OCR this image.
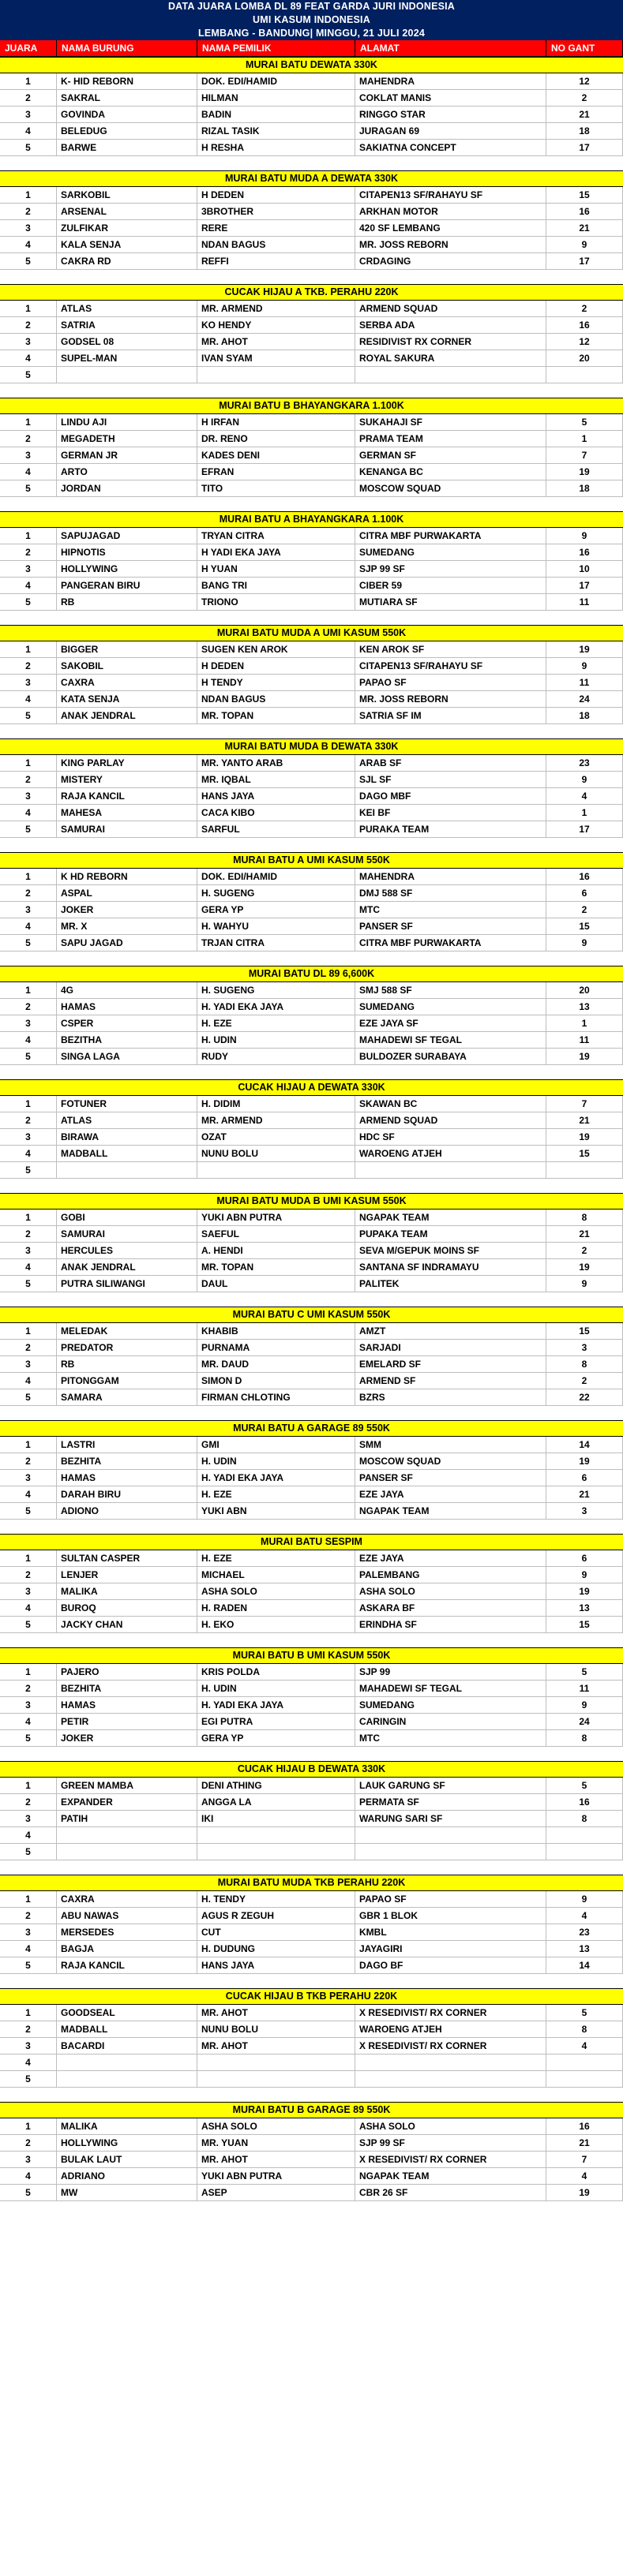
DATA JUARA LOMBA DL 89 FEAT GARDA JURI INDONESIA
UMI KASUM INDONESIA
LEMBANG - BANDUNG| MINGGU, 21 JULI 2024
JUARA	NAMA BURUNG	NAMA PEMILIK	ALAMAT	NO GANT
MURAI BATU DEWATA 330K
1	K- HID REBORN	DOK. EDI/HAMID	MAHENDRA	12
2	SAKRAL	HILMAN	COKLAT MANIS	2
3	GOVINDA	BADIN	RINGGO STAR	21
4	BELEDUG	RIZAL TASIK	JURAGAN 69	18
5	BARWE	H RESHA	SAKIATNA CONCEPT	17
MURAI BATU MUDA A DEWATA 330K
1	SARKOBIL	H DEDEN	CITAPEN13 SF/RAHAYU SF	15
2	ARSENAL	3BROTHER	ARKHAN MOTOR	16
3	ZULFIKAR	RERE	420 SF LEMBANG	21
4	KALA SENJA	NDAN BAGUS	MR. JOSS REBORN	9
5	CAKRA RD	REFFI	CRDAGING	17
CUCAK HIJAU A TKB. PERAHU 220K
1	ATLAS	MR. ARMEND	ARMEND SQUAD	2
2	SATRIA	KO HENDY	SERBA ADA	16
3	GODSEL 08	MR. AHOT	RESIDIVIST RX CORNER	12
4	SUPEL-MAN	IVAN SYAM	ROYAL SAKURA	20
5
MURAI BATU B BHAYANGKARA 1.100K
1	LINDU AJI	H IRFAN	SUKAHAJI SF	5
2	MEGADETH	DR. RENO	PRAMA TEAM	1
3	GERMAN JR	KADES DENI	GERMAN SF	7
4	ARTO	EFRAN	KENANGA BC	19
5	JORDAN	TITO	MOSCOW SQUAD	18
MURAI BATU A BHAYANGKARA 1.100K
1	SAPUJAGAD	TRYAN CITRA	CITRA MBF PURWAKARTA	9
2	HIPNOTIS	H YADI EKA JAYA	SUMEDANG	16
3	HOLLYWING	H YUAN	SJP 99 SF	10
4	PANGERAN BIRU	BANG TRI	CIBER 59	17
5	RB	TRIONO	MUTIARA SF	11
MURAI BATU MUDA A UMI KASUM 550K
1	BIGGER	SUGEN KEN AROK	KEN AROK SF	19
2	SAKOBIL	H DEDEN	CITAPEN13 SF/RAHAYU SF	9
3	CAXRA	H TENDY	PAPAO SF	11
4	KATA SENJA	NDAN BAGUS	MR. JOSS REBORN	24
5	ANAK JENDRAL	MR. TOPAN	SATRIA SF IM	18
MURAI BATU MUDA B DEWATA 330K
1	KING PARLAY	MR. YANTO ARAB	ARAB SF	23
2	MISTERY	MR. IQBAL	SJL SF	9
3	RAJA KANCIL	HANS JAYA	DAGO MBF	4
4	MAHESA	CACA KIBO	KEI BF	1
5	SAMURAI	SARFUL	PURAKA TEAM	17
MURAI BATU A UMI KASUM 550K
1	K HD REBORN	DOK. EDI/HAMID	MAHENDRA	16
2	ASPAL	H. SUGENG	DMJ 588 SF	6
3	JOKER	GERA YP	MTC	2
4	MR. X	H. WAHYU	PANSER SF	15
5	SAPU JAGAD	TRJAN CITRA	CITRA MBF PURWAKARTA	9
MURAI BATU DL 89 6,600K
1	4G	H. SUGENG	SMJ 588 SF	20
2	HAMAS	H. YADI EKA JAYA	SUMEDANG	13
3	CSPER	H. EZE	EZE JAYA SF	1
4	BEZITHA	H. UDIN	MAHADEWI SF TEGAL	11
5	SINGA LAGA	RUDY	BULDOZER SURABAYA	19
CUCAK HIJAU A DEWATA 330K
1	FOTUNER	H. DIDIM	SKAWAN BC	7
2	ATLAS	MR. ARMEND	ARMEND SQUAD	21
3	BIRAWA	OZAT	HDC SF	19
4	MADBALL	NUNU BOLU	WAROENG ATJEH	15
5
MURAI BATU MUDA B UMI KASUM 550K
1	GOBI	YUKI ABN PUTRA	NGAPAK TEAM	8
2	SAMURAI	SAEFUL	PUPAKA TEAM	21
3	HERCULES	A. HENDI	SEVA M/GEPUK MOINS SF	2
4	ANAK JENDRAL	MR. TOPAN	SANTANA SF INDRAMAYU	19
5	PUTRA SILIWANGI	DAUL	PALITEK	9
MURAI BATU C UMI KASUM 550K
1	MELEDAK	KHABIB	AMZT	15
2	PREDATOR	PURNAMA	SARJADI	3
3	RB	MR. DAUD	EMELARD SF	8
4	PITONGGAM	SIMON D	ARMEND SF	2
5	SAMARA	FIRMAN CHLOTING	BZRS	22
MURAI BATU A GARAGE 89 550K
1	LASTRI	GMI	SMM	14
2	BEZHITA	H. UDIN	MOSCOW SQUAD	19
3	HAMAS	H. YADI EKA JAYA	PANSER SF	6
4	DARAH BIRU	H. EZE	EZE JAYA	21
5	ADIONO	YUKI ABN	NGAPAK TEAM	3
MURAI BATU SESPIM
1	SULTAN CASPER	H. EZE	EZE JAYA	6
2	LENJER	MICHAEL	PALEMBANG	9
3	MALIKA	ASHA SOLO	ASHA SOLO	19
4	BUROQ	H. RADEN	ASKARA BF	13
5	JACKY CHAN	H. EKO	ERINDHA SF	15
MURAI BATU B UMI KASUM 550K
1	PAJERO	KRIS POLDA	SJP 99	5
2	BEZHITA	H. UDIN	MAHADEWI SF TEGAL	11
3	HAMAS	H. YADI EKA JAYA	SUMEDANG	9
4	PETIR	EGI PUTRA	CARINGIN	24
5	JOKER	GERA YP	MTC	8
CUCAK HIJAU B DEWATA 330K
1	GREEN MAMBA	DENI ATHING	LAUK GARUNG SF	5
2	EXPANDER	ANGGA LA	PERMATA SF	16
3	PATIH	IKI	WARUNG SARI SF	8
4
5
MURAI BATU MUDA TKB PERAHU 220K
1	CAXRA	H. TENDY	PAPAO SF	9
2	ABU NAWAS	AGUS R ZEGUH	GBR 1 BLOK	4
3	MERSEDES	CUT	KMBL	23
4	BAGJA	H. DUDUNG	JAYAGIRI	13
5	RAJA KANCIL	HANS JAYA	DAGO BF	14
CUCAK HIJAU B TKB PERAHU 220K
1	GOODSEAL	MR. AHOT	X RESEDIVIST/ RX CORNER	5
2	MADBALL	NUNU BOLU	WAROENG ATJEH	8
3	BACARDI	MR. AHOT	X RESEDIVIST/ RX CORNER	4
4
5
MURAI BATU B GARAGE 89 550K
1	MALIKA	ASHA SOLO	ASHA SOLO	16
2	HOLLYWING	MR. YUAN	SJP 99 SF	21
3	BULAK LAUT	MR. AHOT	X RESEDIVIST/ RX CORNER	7
4	ADRIANO	YUKI ABN PUTRA	NGAPAK TEAM	4
5	MW	ASEP	CBR 26 SF	19
